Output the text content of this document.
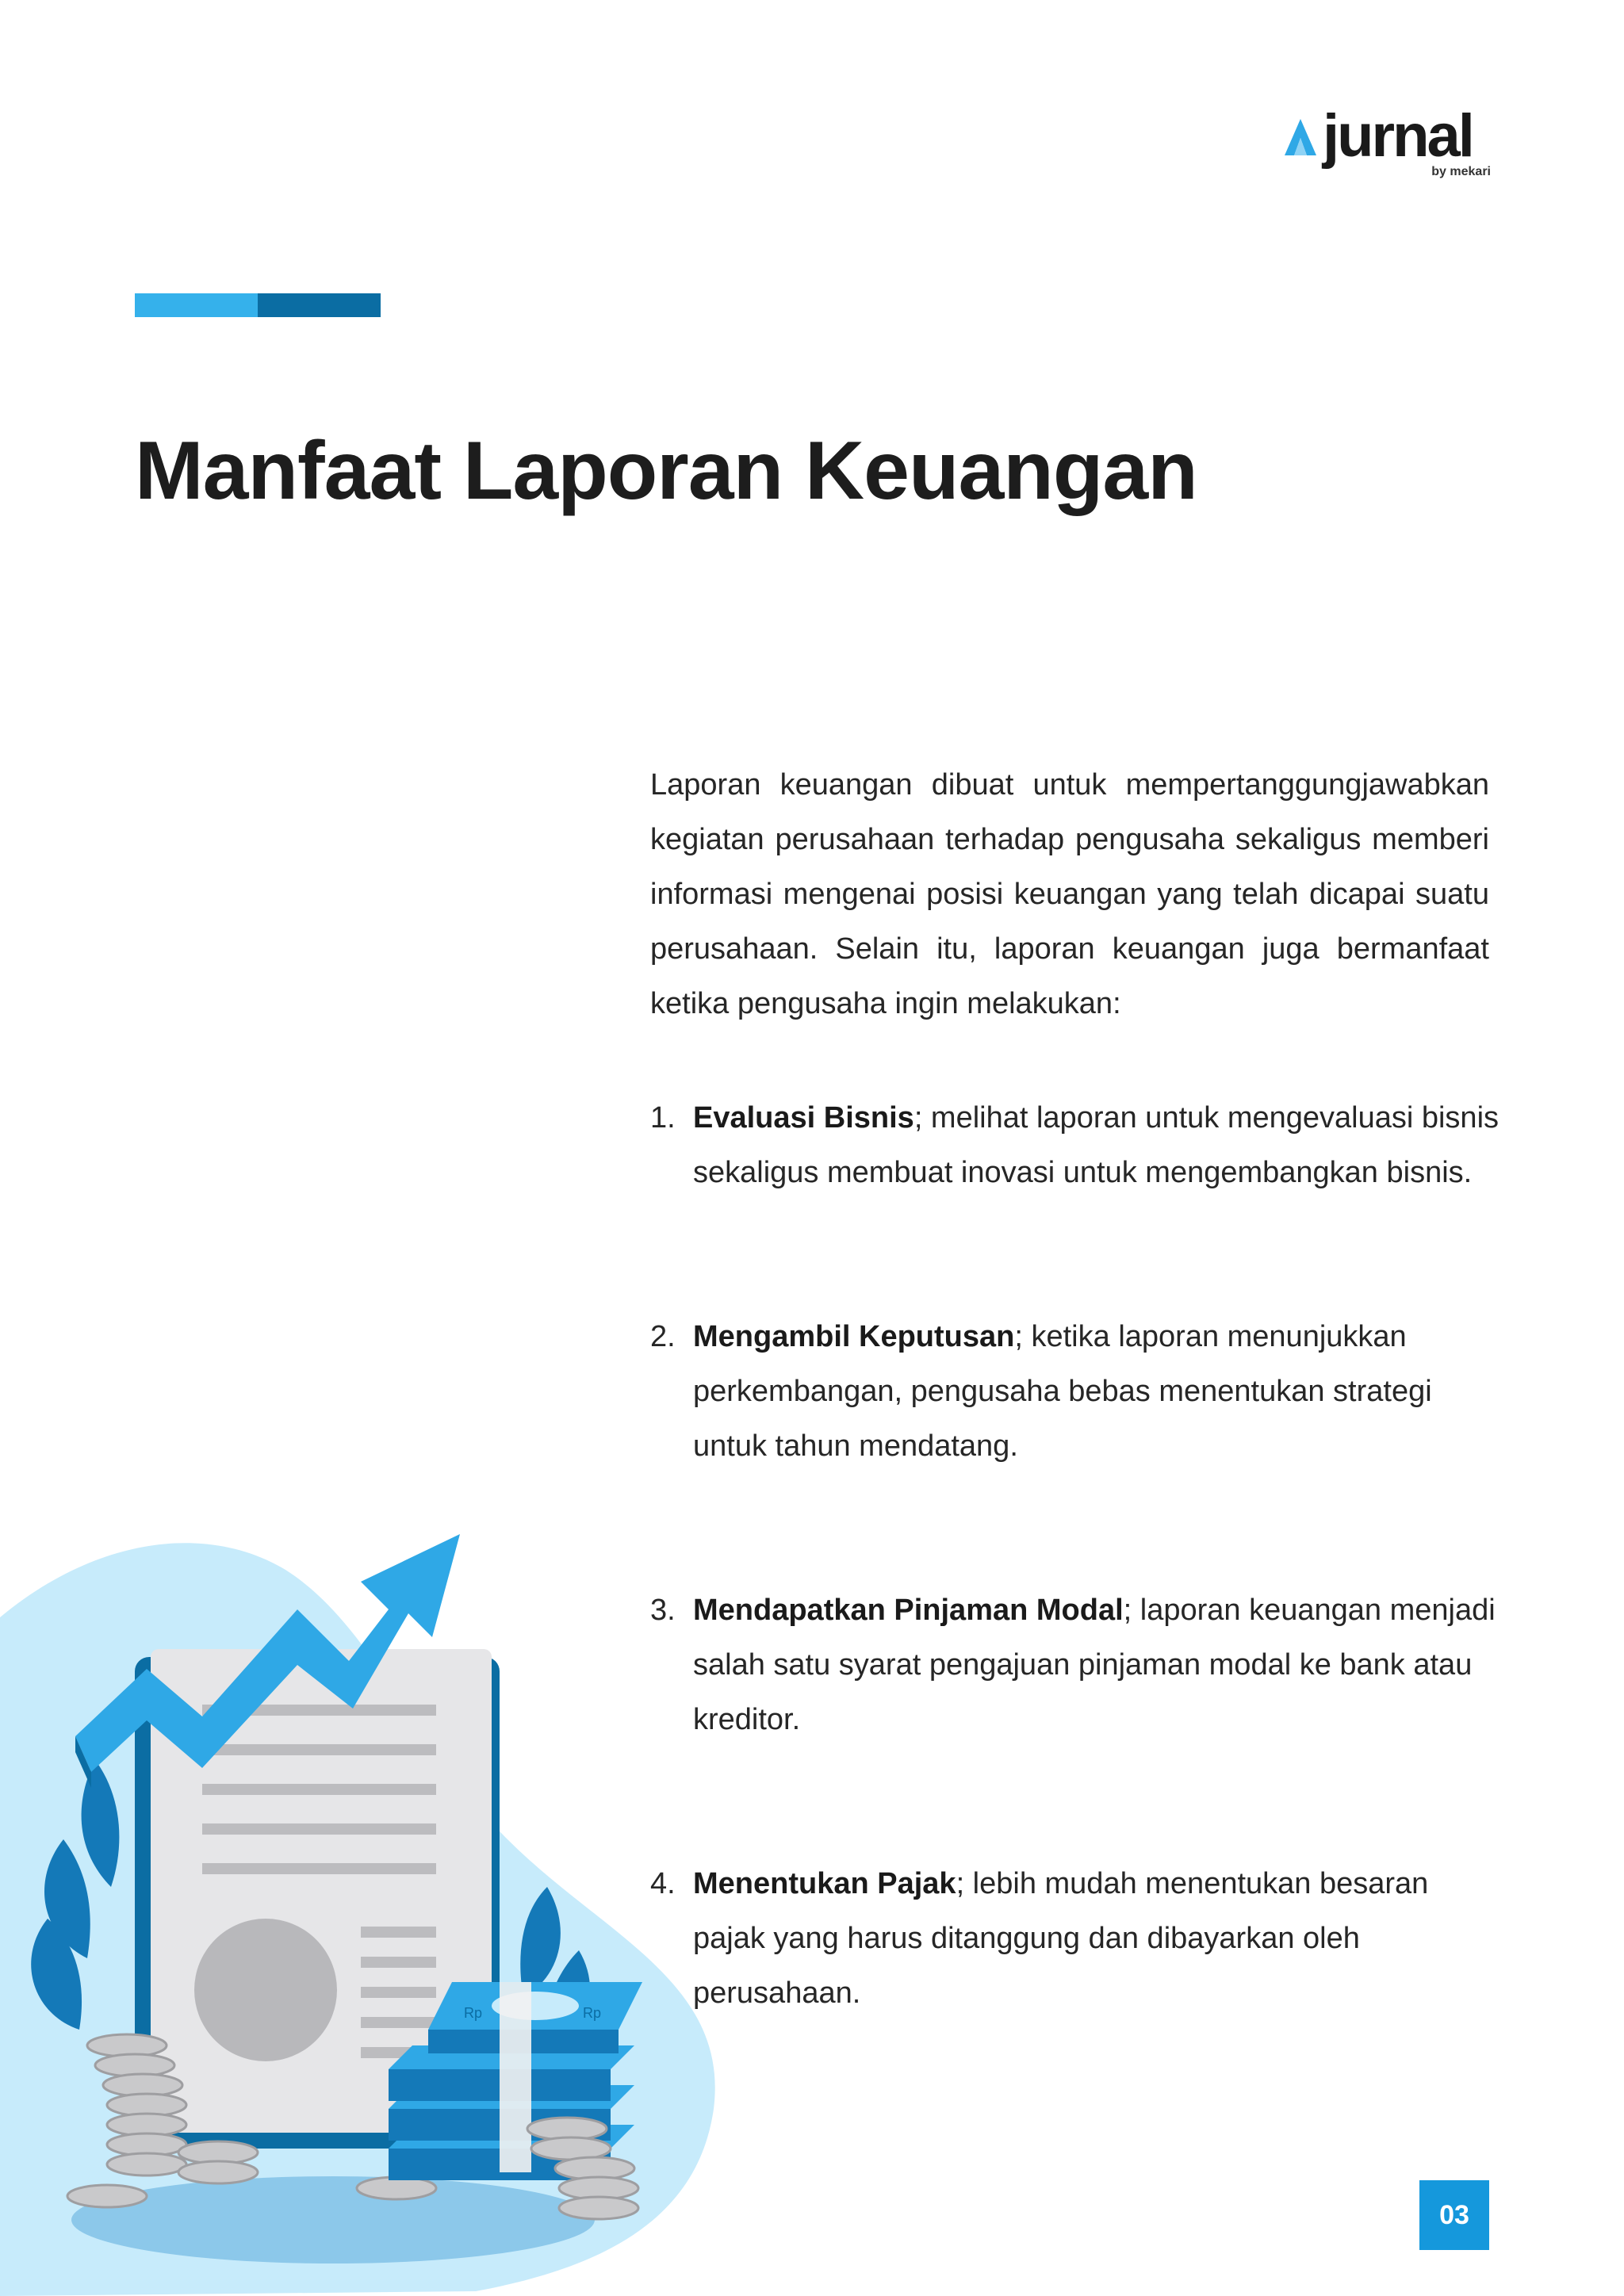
jurnal
by mekari
Manfaat Laporan Keuangan

Laporan keuangan dibuat untuk mempertanggungjawabkan kegiatan perusahaan terhadap pengusaha sekaligus memberi informasi mengenai posisi keuangan yang telah dicapai suatu perusahaan. Selain itu, laporan keuangan juga bermanfaat ketika pengusaha ingin melakukan:

1. Evaluasi Bisnis; melihat laporan untuk mengevaluasi bisnis sekaligus membuat inovasi untuk mengembangkan bisnis.
2. Mengambil Keputusan; ketika laporan menunjukkan perkembangan, pengusaha bebas menentukan strategi untuk tahun mendatang.
3. Mendapatkan Pinjaman Modal; laporan keuangan menjadi salah satu syarat pengajuan pinjaman modal ke bank atau kreditor.
4. Menentukan Pajak; lebih mudah menentukan besaran pajak yang harus ditanggung dan dibayarkan oleh perusahaan.
Rp	Rp
03
